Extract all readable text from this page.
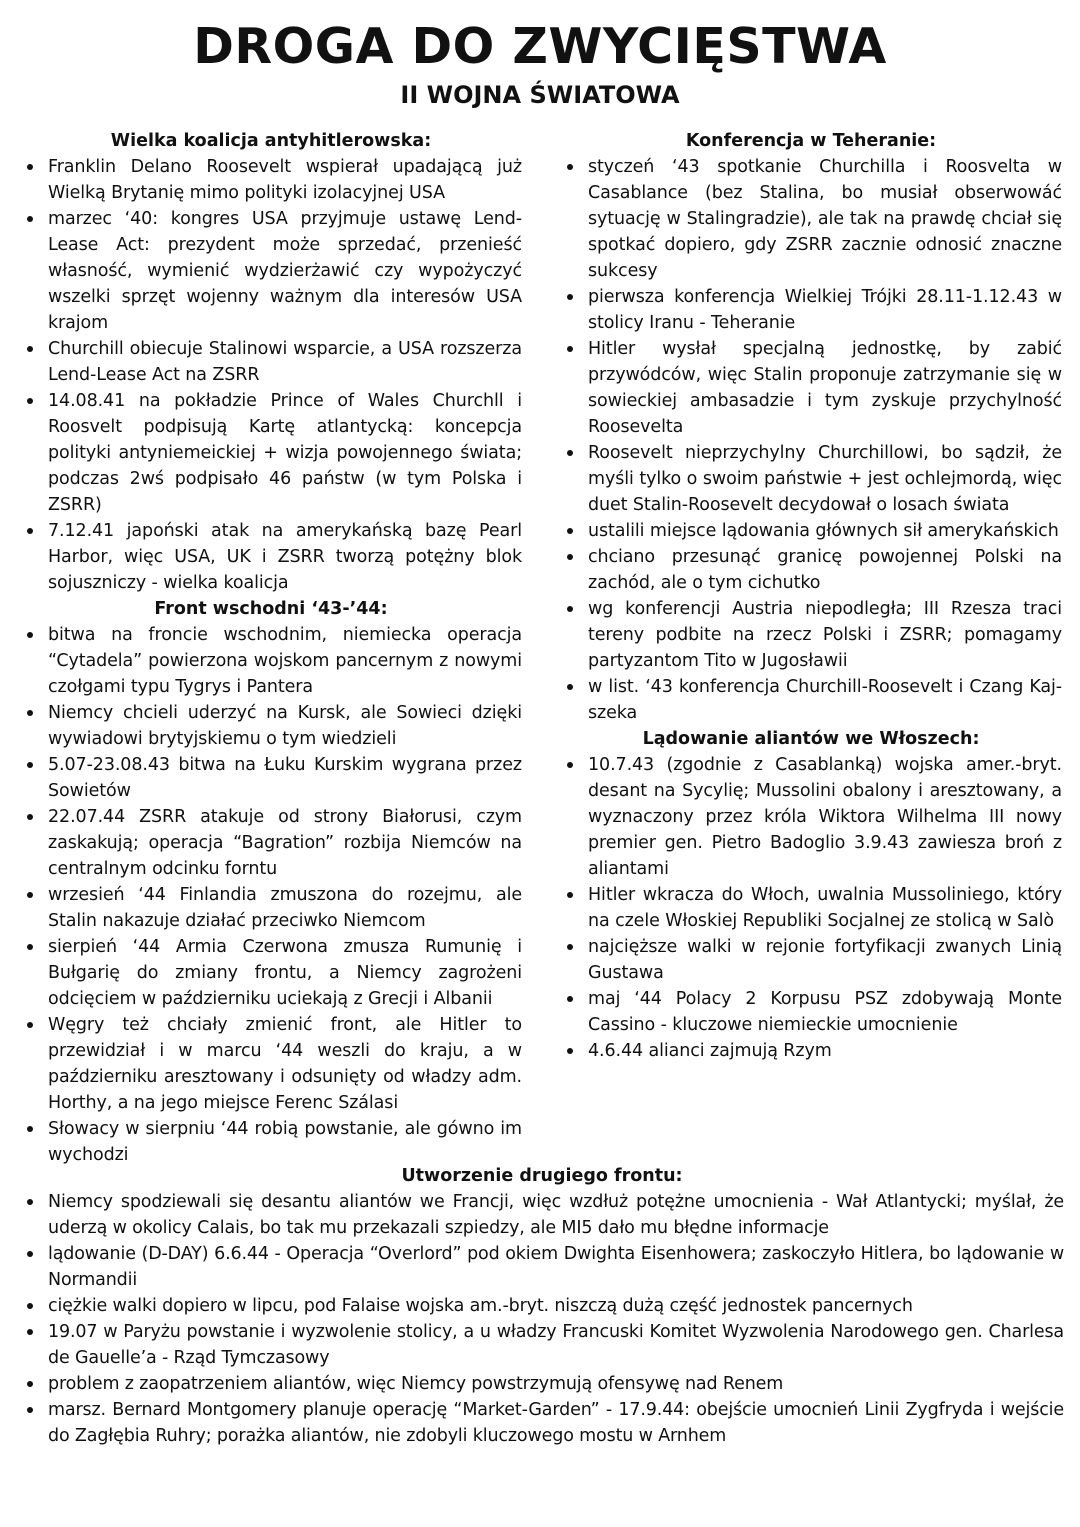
DROGA DO ZWYCIĘSTWA
II WOJNA ŚWIATOWA
Wielka koalicja antyhitlerowska:
Franklin Delano Roosevelt wspierał upadającą już Wielką Brytanię mimo polityki izolacyjnej USA
marzec ‘40: kongres USA przyjmuje ustawę Lend-Lease Act: prezydent może sprzedać, przenieść własność, wymienić wydzierżawić czy wypożyczyć wszelki sprzęt wojenny ważnym dla interesów USA krajom
Churchill obiecuje Stalinowi wsparcie, a USA rozszerza Lend-Lease Act na ZSRR
14.08.41 na pokładzie Prince of Wales Churchll i Roosvelt podpisują Kartę atlantycką: koncepcja polityki antyniemeickiej + wizja powojennego świata; podczas 2wś podpisało 46 państw (w tym Polska i ZSRR)
7.12.41 japoński atak na amerykańską bazę Pearl Harbor, więc USA, UK i ZSRR tworzą potężny blok sojuszniczy - wielka koalicja
Front wschodni ‘43-’44:
bitwa na froncie wschodnim, niemiecka operacja “Cytadela” powierzona wojskom pancernym z nowymi czołgami typu Tygrys i Pantera
Niemcy chcieli uderzyć na Kursk, ale Sowieci dzięki wywiadowi brytyjskiemu o tym wiedzieli
5.07-23.08.43 bitwa na Łuku Kurskim wygrana przez Sowietów
22.07.44 ZSRR atakuje od strony Białorusi, czym zaskakują; operacja “Bagration” rozbija Niemców na centralnym odcinku forntu
wrzesień ‘44 Finlandia zmuszona do rozejmu, ale Stalin nakazuje działać przeciwko Niemcom
sierpień ‘44 Armia Czerwona zmusza Rumunię i Bułgarię do zmiany frontu, a Niemcy zagrożeni odcięciem w październiku uciekają z Grecji i Albanii
Węgry też chciały zmienić front, ale Hitler to przewidział i w marcu ‘44 weszli do kraju, a w październiku aresztowany i odsunięty od władzy adm. Horthy, a na jego miejsce Ferenc Szálasi
Słowacy w sierpniu ‘44 robią powstanie, ale gówno im wychodzi
Konferencja w Teheranie:
styczeń ‘43 spotkanie Churchilla i Roosvelta w Casablance (bez Stalina, bo musiał obserwowáć sytuację w Stalingradzie), ale tak na prawdę chciał się spotkać dopiero, gdy ZSRR zacznie odnosić znaczne sukcesy
pierwsza konferencja Wielkiej Trójki 28.11-1.12.43 w stolicy Iranu - Teheranie
Hitler wysłał specjalną jednostkę, by zabić przywódców, więc Stalin proponuje zatrzymanie się w sowieckiej ambasadzie i tym zyskuje przychylność Roosevelta
Roosevelt nieprzychylny Churchillowi, bo sądził, że myśli tylko o swoim państwie + jest ochlejmordą, więc duet Stalin-Roosevelt decydował o losach świata
ustalili miejsce lądowania głównych sił amerykańskich
chciano przesunąć granicę powojennej Polski na zachód, ale o tym cichutko
wg konferencji Austria niepodległa; III Rzesza traci tereny podbite na rzecz Polski i ZSRR; pomagamy partyzantom Tito w Jugosławii
w list. ‘43 konferencja Churchill-Roosevelt i Czang Kaj-szeka
Lądowanie aliantów we Włoszech:
10.7.43 (zgodnie z Casablanką) wojska amer.-bryt. desant na Sycylię; Mussolini obalony i aresztowany, a wyznaczony przez króla Wiktora Wilhelma III nowy premier gen. Pietro Badoglio 3.9.43 zawiesza broń z aliantami
Hitler wkracza do Włoch, uwalnia Mussoliniego, który na czele Włoskiej Republiki Socjalnej ze stolicą w Salò
najcięższe walki w rejonie fortyfikacji zwanych Linią Gustawa
maj ‘44 Polacy 2 Korpusu PSZ zdobywają Monte Cassino - kluczowe niemieckie umocnienie
4.6.44 alianci zajmują Rzym
Utworzenie drugiego frontu:
Niemcy spodziewali się desantu aliantów we Francji, więc wzdłuż potężne umocnienia - Wał Atlantycki; myślał, że uderzą w okolicy Calais, bo tak mu przekazali szpiedzy, ale MI5 dało mu błędne informacje
lądowanie (D-DAY) 6.6.44 - Operacja “Overlord” pod okiem Dwighta Eisenhowera; zaskoczyło Hitlera, bo lądowanie w Normandii
ciężkie walki dopiero w lipcu, pod Falaise wojska am.-bryt. niszczą dużą część jednostek pancernych
19.07 w Paryżu powstanie i wyzwolenie stolicy, a u władzy Francuski Komitet Wyzwolenia Narodowego gen. Charlesa de Gauelle’a - Rząd Tymczasowy
problem z zaopatrzeniem aliantów, więc Niemcy powstrzymują ofensywę nad Renem
marsz. Bernard Montgomery planuje operację “Market-Garden” - 17.9.44: obejście umocnień Linii Zygfryda i wejście do Zagłębia Ruhry; porażka aliantów, nie zdobyli kluczowego mostu w Arnhem
